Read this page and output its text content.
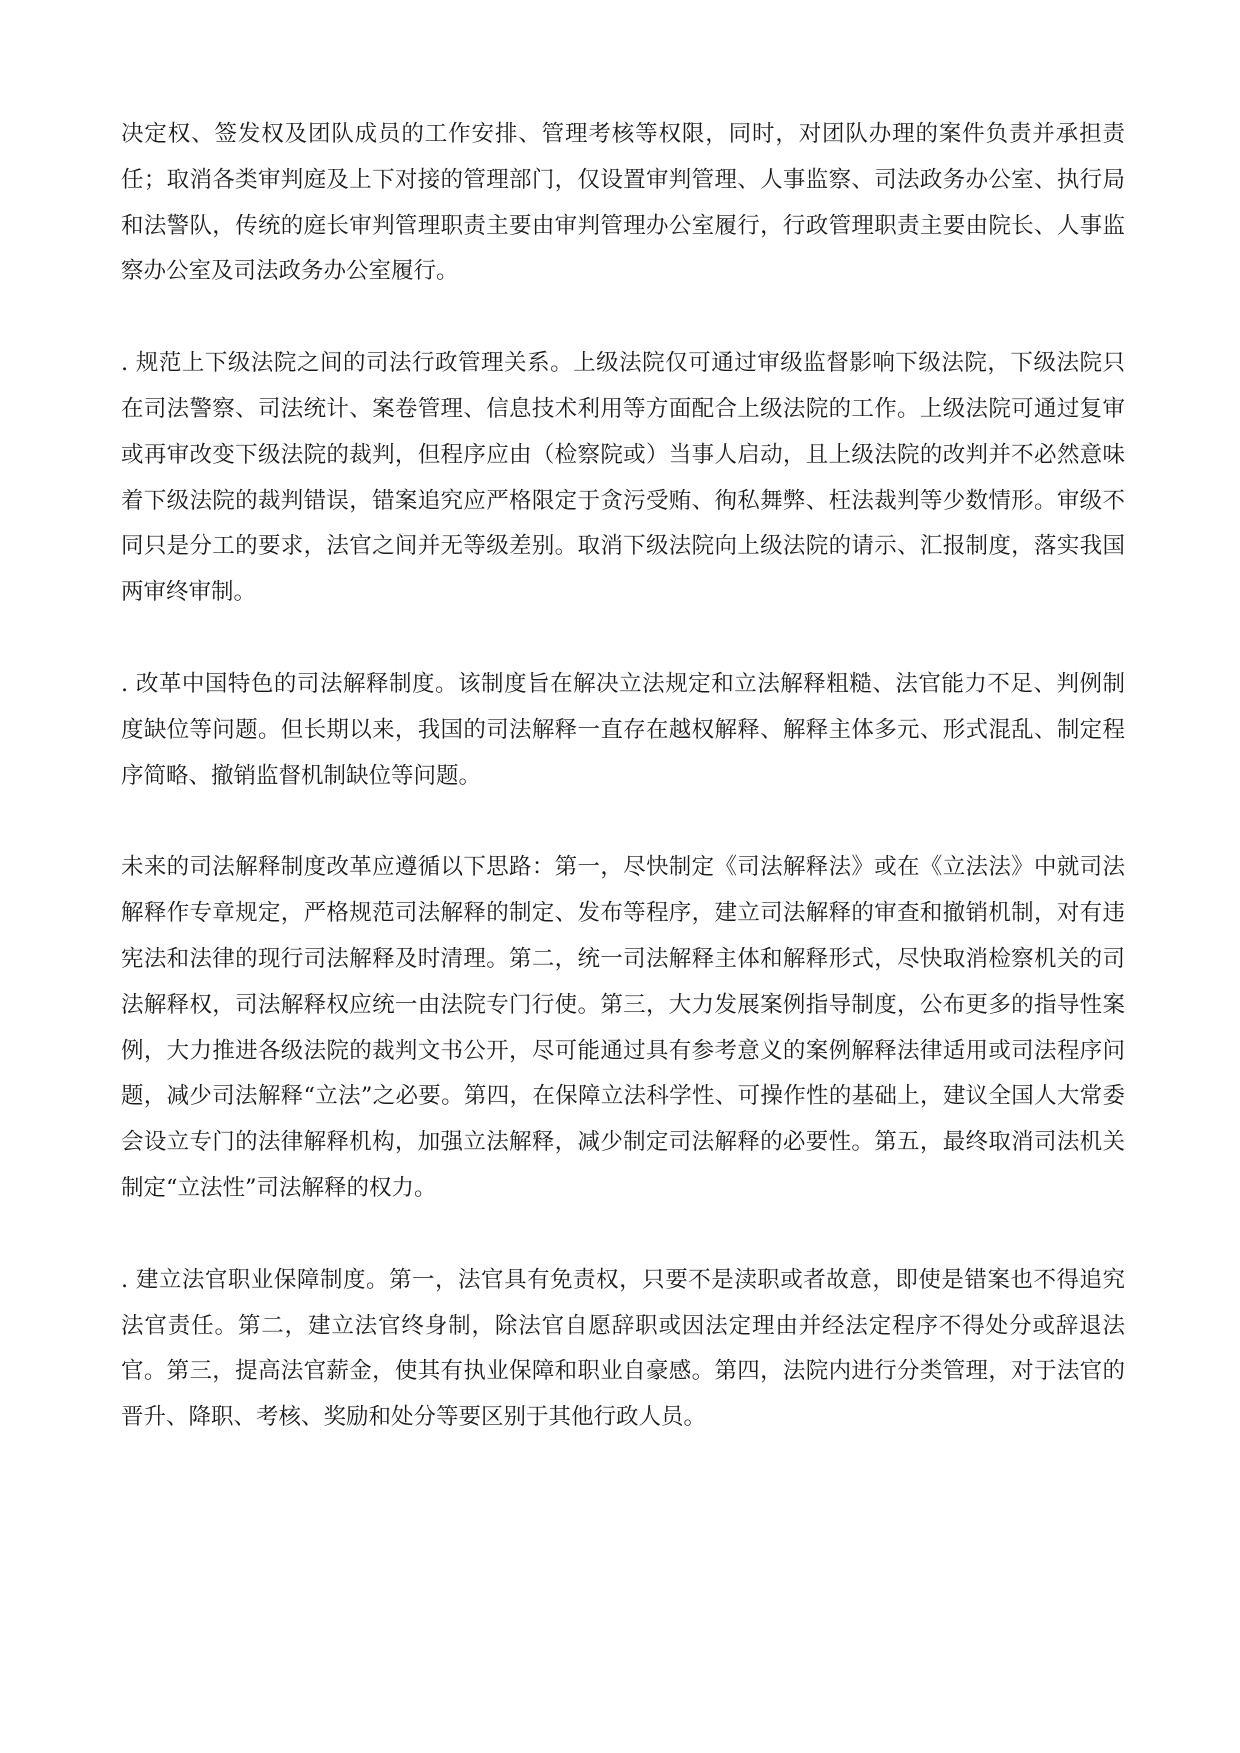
决定权、签发权及团队成员的工作安排、管理考核等权限，同时，对团队办理的案件负责并承担责任；取消各类审判庭及上下对接的管理部门，仅设置审判管理、人事监察、司法政务办公室、执行局和法警队，传统的庭长审判管理职责主要由审判管理办公室履行，行政管理职责主要由院长、人事监察办公室及司法政务办公室履行。

. 规范上下级法院之间的司法行政管理关系。上级法院仅可通过审级监督影响下级法院，下级法院只在司法警察、司法统计、案卷管理、信息技术利用等方面配合上级法院的工作。上级法院可通过复审或再审改变下级法院的裁判，但程序应由（检察院或）当事人启动，且上级法院的改判并不必然意味着下级法院的裁判错误，错案追究应严格限定于贪污受贿、徇私舞弊、枉法裁判等少数情形。审级不同只是分工的要求，法官之间并无等级差别。取消下级法院向上级法院的请示、汇报制度，落实我国两审终审制。

. 改革中国特色的司法解释制度。该制度旨在解决立法规定和立法解释粗糙、法官能力不足、判例制度缺位等问题。但长期以来，我国的司法解释一直存在越权解释、解释主体多元、形式混乱、制定程序简略、撤销监督机制缺位等问题。

未来的司法解释制度改革应遵循以下思路：第一，尽快制定《司法解释法》或在《立法法》中就司法解释作专章规定，严格规范司法解释的制定、发布等程序，建立司法解释的审查和撤销机制，对有违宪法和法律的现行司法解释及时清理。第二，统一司法解释主体和解释形式，尽快取消检察机关的司法解释权，司法解释权应统一由法院专门行使。第三，大力发展案例指导制度，公布更多的指导性案例，大力推进各级法院的裁判文书公开，尽可能通过具有参考意义的案例解释法律适用或司法程序问题，减少司法解释“立法”之必要。第四，在保障立法科学性、可操作性的基础上，建议全国人大常委会设立专门的法律解释机构，加强立法解释，减少制定司法解释的必要性。第五，最终取消司法机关制定“立法性”司法解释的权力。

. 建立法官职业保障制度。第一，法官具有免责权，只要不是渎职或者故意，即使是错案也不得追究法官责任。第二，建立法官终身制，除法官自愿辞职或因法定理由并经法定程序不得处分或辞退法官。第三，提高法官薪金，使其有执业保障和职业自豪感。第四，法院内进行分类管理，对于法官的晋升、降职、考核、奖励和处分等要区别于其他行政人员。
